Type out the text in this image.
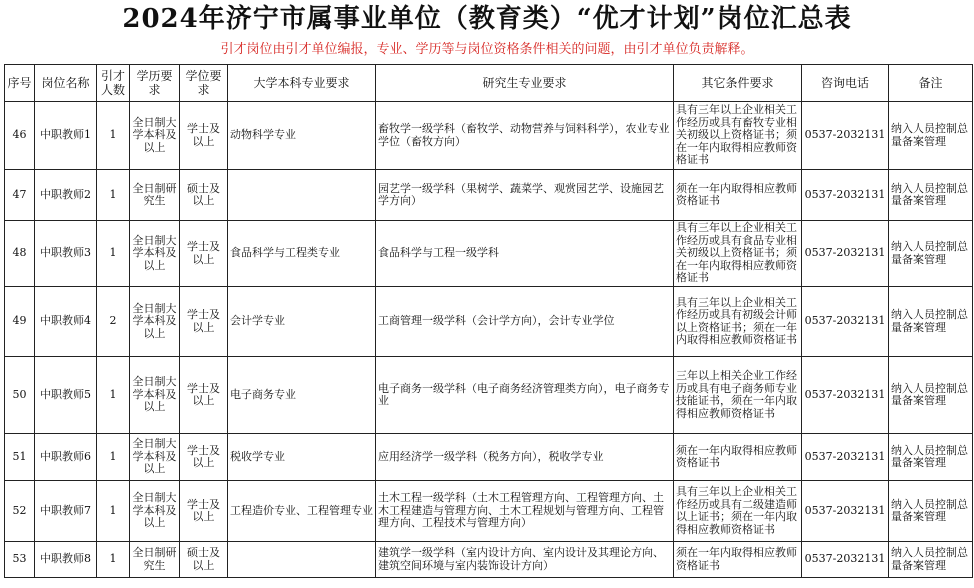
2024年济宁市属事业单位（教育类）“优才计划”岗位汇总表
引才岗位由引才单位编报，专业、学历等与岗位资格条件相关的问题，由引才单位负责解释。
序号	岗位名称	引才人数	学历要求	学位要求	大学本科专业要求	研究生专业要求	其它条件要求	咨询电话	备注
46	中职教师1	1	全日制大学本科及以上	学士及以上	动物科学专业	畜牧学一级学科（畜牧学、动物营养与饲料科学），农业专业学位（畜牧方向）	具有三年以上企业相关工作经历或具有畜牧专业相关初级以上资格证书；须在一年内取得相应教师资格证书	0537-2032131	纳入人员控制总量备案管理
47	中职教师2	1	全日制研究生	硕士及以上		园艺学一级学科（果树学、蔬菜学、观赏园艺学、设施园艺学方向）	须在一年内取得相应教师资格证书	0537-2032131	纳入人员控制总量备案管理
48	中职教师3	1	全日制大学本科及以上	学士及以上	食品科学与工程类专业	食品科学与工程一级学科	具有三年以上企业相关工作经历或具有食品专业相关初级以上资格证书；须在一年内取得相应教师资格证书	0537-2032131	纳入人员控制总量备案管理
49	中职教师4	2	全日制大学本科及以上	学士及以上	会计学专业	工商管理一级学科（会计学方向），会计专业学位	具有三年以上企业相关工作经历或具有初级会计师以上资格证书；须在一年内取得相应教师资格证书	0537-2032131	纳入人员控制总量备案管理
50	中职教师5	1	全日制大学本科及以上	学士及以上	电子商务专业	电子商务一级学科（电子商务经济管理类方向），电子商务专业	三年以上相关企业工作经历或具有电子商务师专业技能证书，须在一年内取得相应教师资格证书	0537-2032131	纳入人员控制总量备案管理
51	中职教师6	1	全日制大学本科及以上	学士及以上	税收学专业	应用经济学一级学科（税务方向），税收学专业	须在一年内取得相应教师资格证书	0537-2032131	纳入人员控制总量备案管理
52	中职教师7	1	全日制大学本科及以上	学士及以上	工程造价专业、工程管理专业	土木工程一级学科（土木工程管理方向、工程管理方向、土木工程建造与管理方向、土木工程规划与管理方向、工程管理方向、工程技术与管理方向）	具有三年以上企业相关工作经历或具有二级建造师以上证书；须在一年内取得相应教师资格证书	0537-2032131	纳入人员控制总量备案管理
53	中职教师8	1	全日制研究生	硕士及以上		建筑学一级学科（室内设计方向、室内设计及其理论方向、建筑空间环境与室内装饰设计方向）	须在一年内取得相应教师资格证书	0537-2032131	纳入人员控制总量备案管理
